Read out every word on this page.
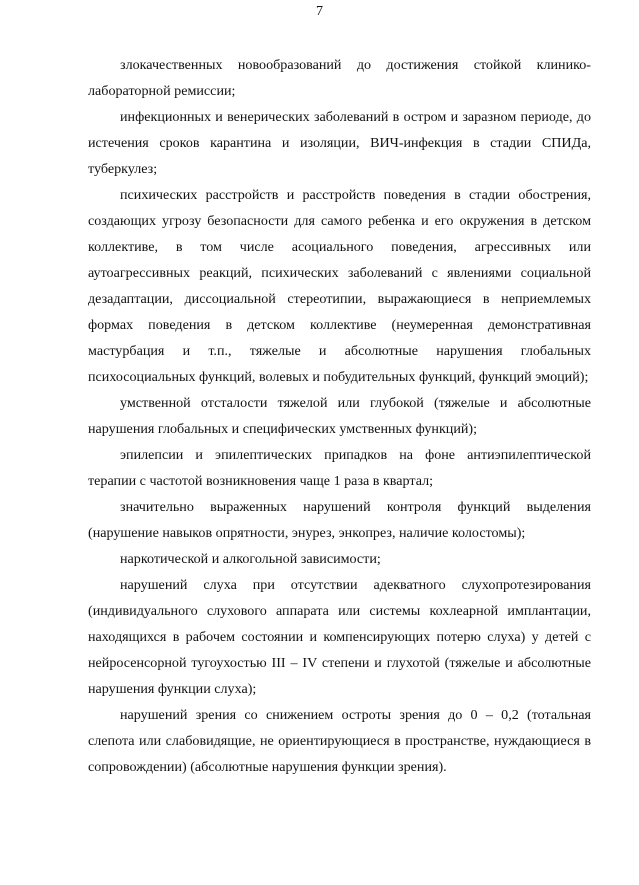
7

злокачественных новообразований до достижения стойкой клинико-лабораторной ремиссии;

инфекционных и венерических заболеваний в остром и заразном периоде, до истечения сроков карантина и изоляции, ВИЧ-инфекция в стадии СПИДа, туберкулез;

психических расстройств и расстройств поведения в стадии обострения, создающих угрозу безопасности для самого ребенка и его окружения в детском коллективе, в том числе асоциального поведения, агрессивных или аутоагрессивных реакций, психических заболеваний с явлениями социальной дезадаптации, диссоциальной стереотипии, выражающиеся в неприемлемых формах поведения в детском коллективе (неумеренная демонстративная мастурбация и т.п., тяжелые и абсолютные нарушения глобальных психосоциальных функций, волевых и побудительных функций, функций эмоций);

умственной отсталости тяжелой или глубокой (тяжелые и абсолютные нарушения глобальных и специфических умственных функций);

эпилепсии и эпилептических припадков на фоне антиэпилептической терапии с частотой возникновения чаще 1 раза в квартал;

значительно выраженных нарушений контроля функций выделения (нарушение навыков опрятности, энурез, энкопрез, наличие колостомы);

наркотической и алкогольной зависимости;

нарушений слуха при отсутствии адекватного слухопротезирования (индивидуального слухового аппарата или системы кохлеарной имплантации, находящихся в рабочем состоянии и компенсирующих потерю слуха) у детей с нейросенсорной тугоухостью III – IV степени и глухотой (тяжелые и абсолютные нарушения функции слуха);

нарушений зрения со снижением остроты зрения до 0 – 0,2 (тотальная слепота или слабовидящие, не ориентирующиеся в пространстве, нуждающиеся в сопровождении) (абсолютные нарушения функции зрения).
